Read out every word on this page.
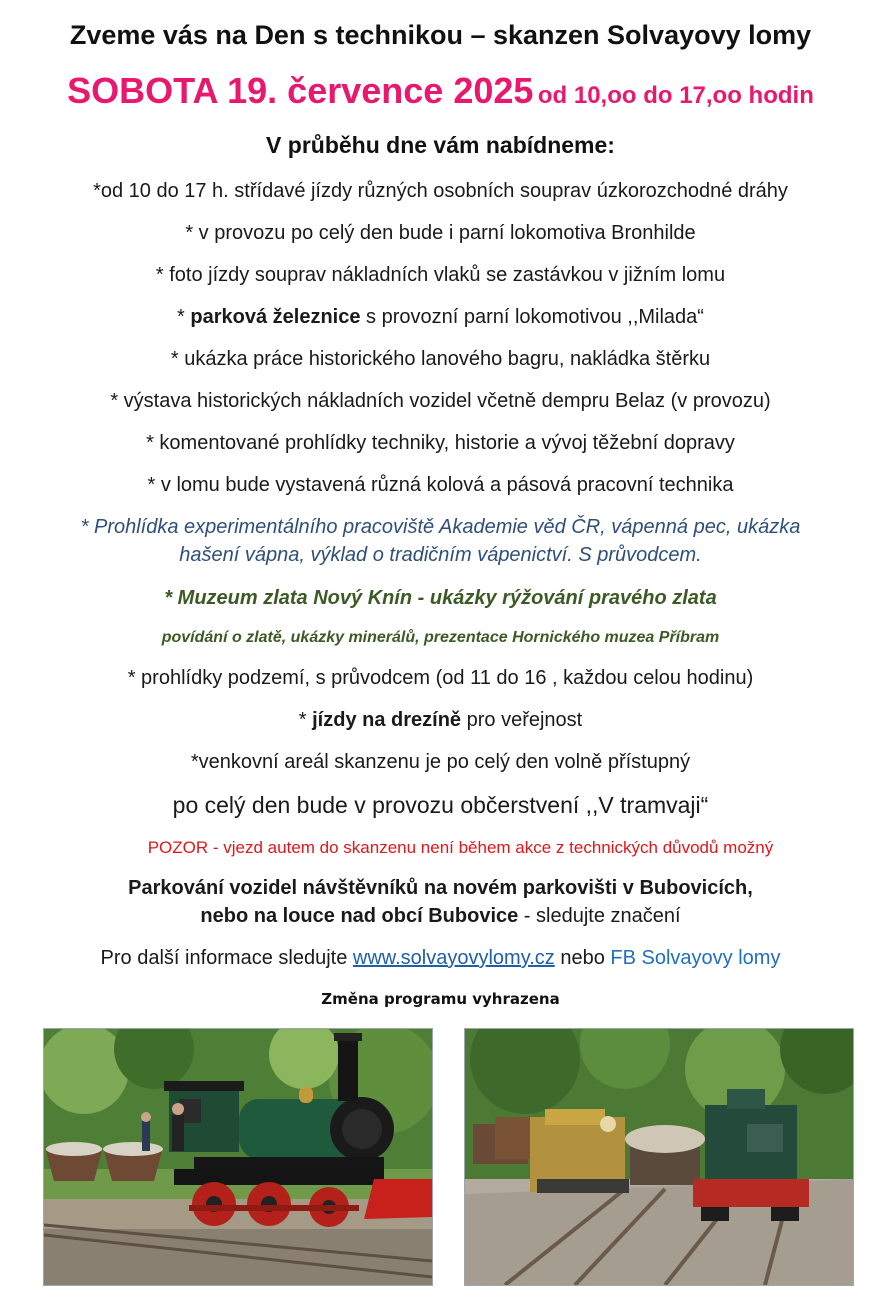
Zveme vás na Den s technikou – skanzen Solvayovy lomy
SOBOTA 19. července 2025 od 10,oo do 17,oo hodin
V průběhu dne vám nabídneme:
*od 10 do 17 h. střídavé jízdy různých osobních souprav úzkorozchodné dráhy
* v provozu po celý den bude i parní lokomotiva Bronhilde
* foto jízdy souprav nákladních vlaků se zastávkou v jižním lomu
* parková železnice s provozní parní lokomotivou ,,Milada“
* ukázka práce historického lanového bagru, nakládka štěrku
* výstava historických nákladních vozidel včetně dempru Belaz (v provozu)
* komentované prohlídky techniky, historie a vývoj těžební dopravy
* v lomu bude vystavená různá kolová a pásová pracovní technika
* Prohlídka experimentálního pracoviště Akademie věd ČR, vápenná pec, ukázka
hašení vápna, výklad o tradičním vápenictví. S průvodcem.
* Muzeum zlata Nový Knín - ukázky rýžování pravého zlata
povídání o zlatě, ukázky minerálů, prezentace Hornického muzea Příbram
* prohlídky podzemí, s průvodcem (od 11 do 16 , každou celou hodinu)
* jízdy na drezíně pro veřejnost
*venkovní areál skanzenu je po celý den volně přístupný
po celý den bude v provozu občerstvení ,,V tramvaji“
POZOR - vjezd autem do skanzenu není během akce z technických důvodů možný
Parkování vozidel návštěvníků na novém parkovišti v Bubovicích,
nebo na louce nad obcí Bubovice - sledujte značení
Pro další informace sledujte www.solvayovylomy.cz nebo FB Solvayovy lomy
Změna programu vyhrazena
